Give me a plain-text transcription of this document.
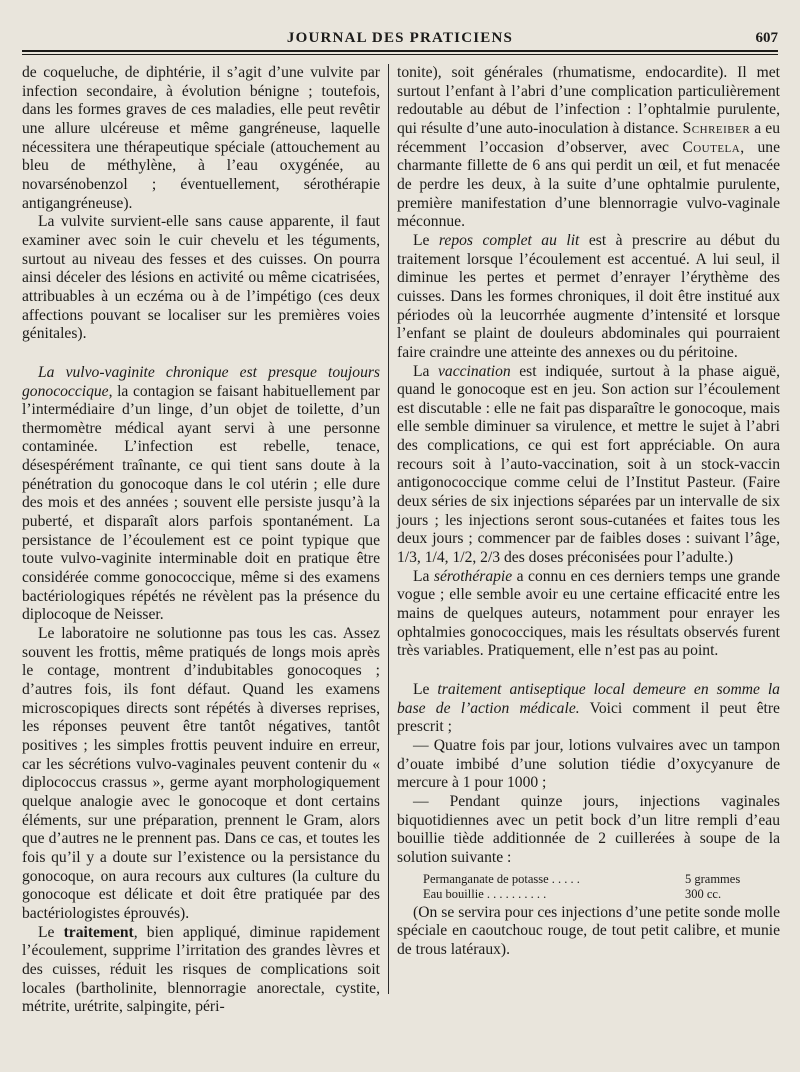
JOURNAL DES PRATICIENS	607

de coqueluche, de diphtérie, il s’agit d’une vulvite par infection secondaire, à évolution bénigne ; toutefois, dans les formes graves de ces maladies, elle peut revêtir une allure ulcéreuse et même gangréneuse, laquelle nécessitera une thérapeutique spéciale (attouchement au bleu de méthylène, à l’eau oxygénée, au novarsénobenzol ; éventuellement, sérothérapie antigangréneuse).

La vulvite survient-elle sans cause apparente, il faut examiner avec soin le cuir chevelu et les téguments, surtout au niveau des fesses et des cuisses. On pourra ainsi déceler des lésions en activité ou même cicatrisées, attribuables à un eczéma ou à de l’impétigo (ces deux affections pouvant se localiser sur les premières voies génitales).

La vulvo-vaginite chronique est presque toujours gonococcique, la contagion se faisant habituellement par l’intermédiaire d’un linge, d’un objet de toilette, d’un thermomètre médical ayant servi à une personne contaminée. L’infection est rebelle, tenace, désespérément traînante, ce qui tient sans doute à la pénétration du gonocoque dans le col utérin ; elle dure des mois et des années ; souvent elle persiste jusqu’à la puberté, et disparaît alors parfois spontanément. La persistance de l’écoulement est ce point typique que toute vulvo-vaginite interminable doit en pratique être considérée comme gonococcique, même si des examens bactériologiques répétés ne révèlent pas la présence du diplocoque de Neisser.

Le laboratoire ne solutionne pas tous les cas. Assez souvent les frottis, même pratiqués de longs mois après le contage, montrent d’indubitables gonocoques ; d’autres fois, ils font défaut. Quand les examens microscopiques directs sont répétés à diverses reprises, les réponses peuvent être tantôt négatives, tantôt positives ; les simples frottis peuvent induire en erreur, car les sécrétions vulvo-vaginales peuvent contenir du « diplococcus crassus », germe ayant morphologiquement quelque analogie avec le gonocoque et dont certains éléments, sur une préparation, prennent le Gram, alors que d’autres ne le prennent pas. Dans ce cas, et toutes les fois qu’il y a doute sur l’existence ou la persistance du gonocoque, on aura recours aux cultures (la culture du gonocoque est délicate et doit être pratiquée par des bactériologistes éprouvés).

Le traitement, bien appliqué, diminue rapidement l’écoulement, supprime l’irritation des grandes lèvres et des cuisses, réduit les risques de complications soit locales (bartholinite, blennorragie anorectale, cystite, métrite, urétrite, salpingite, péri-

tonite), soit générales (rhumatisme, endocardite). Il met surtout l’enfant à l’abri d’une complication particulièrement redoutable au début de l’infection : l’ophtalmie purulente, qui résulte d’une auto-inoculation à distance. Schreiber a eu récemment l’occasion d’observer, avec Coutela, une charmante fillette de 6 ans qui perdit un œil, et fut menacée de perdre les deux, à la suite d’une ophtalmie purulente, première manifestation d’une blennorragie vulvo-vaginale méconnue.

Le repos complet au lit est à prescrire au début du traitement lorsque l’écoulement est accentué. A lui seul, il diminue les pertes et permet d’enrayer l’érythème des cuisses. Dans les formes chroniques, il doit être institué aux périodes où la leucorrhée augmente d’intensité et lorsque l’enfant se plaint de douleurs abdominales qui pourraient faire craindre une atteinte des annexes ou du péritoine.

La vaccination est indiquée, surtout à la phase aiguë, quand le gonocoque est en jeu. Son action sur l’écoulement est discutable : elle ne fait pas disparaître le gonocoque, mais elle semble diminuer sa virulence, et mettre le sujet à l’abri des complications, ce qui est fort appréciable. On aura recours soit à l’auto-vaccination, soit à un stock-vaccin antigonococcique comme celui de l’Institut Pasteur. (Faire deux séries de six injections séparées par un intervalle de six jours ; les injections seront sous-cutanées et faites tous les deux jours ; commencer par de faibles doses : suivant l’âge, 1/3, 1/4, 1/2, 2/3 des doses préconisées pour l’adulte.)

La sérothérapie a connu en ces derniers temps une grande vogue ; elle semble avoir eu une certaine efficacité entre les mains de quelques auteurs, notamment pour enrayer les ophtalmies gonococciques, mais les résultats observés furent très variables. Pratiquement, elle n’est pas au point.

Le traitement antiseptique local demeure en somme la base de l’action médicale. Voici comment il peut être prescrit ;

— Quatre fois par jour, lotions vulvaires avec un tampon d’ouate imbibé d’une solution tiédie d’oxycyanure de mercure à 1 pour 1000 ;

— Pendant quinze jours, injections vaginales biquotidiennes avec un petit bock d’un litre rempli d’eau bouillie tiède additionnée de 2 cuillerées à soupe de la solution suivante :

Permanganate de potasse . . . . .	5 grammes
Eau bouillie . . . . . . . . . .	300 cc.

(On se servira pour ces injections d’une petite sonde molle spéciale en caoutchouc rouge, de tout petit calibre, et munie de trous latéraux).
